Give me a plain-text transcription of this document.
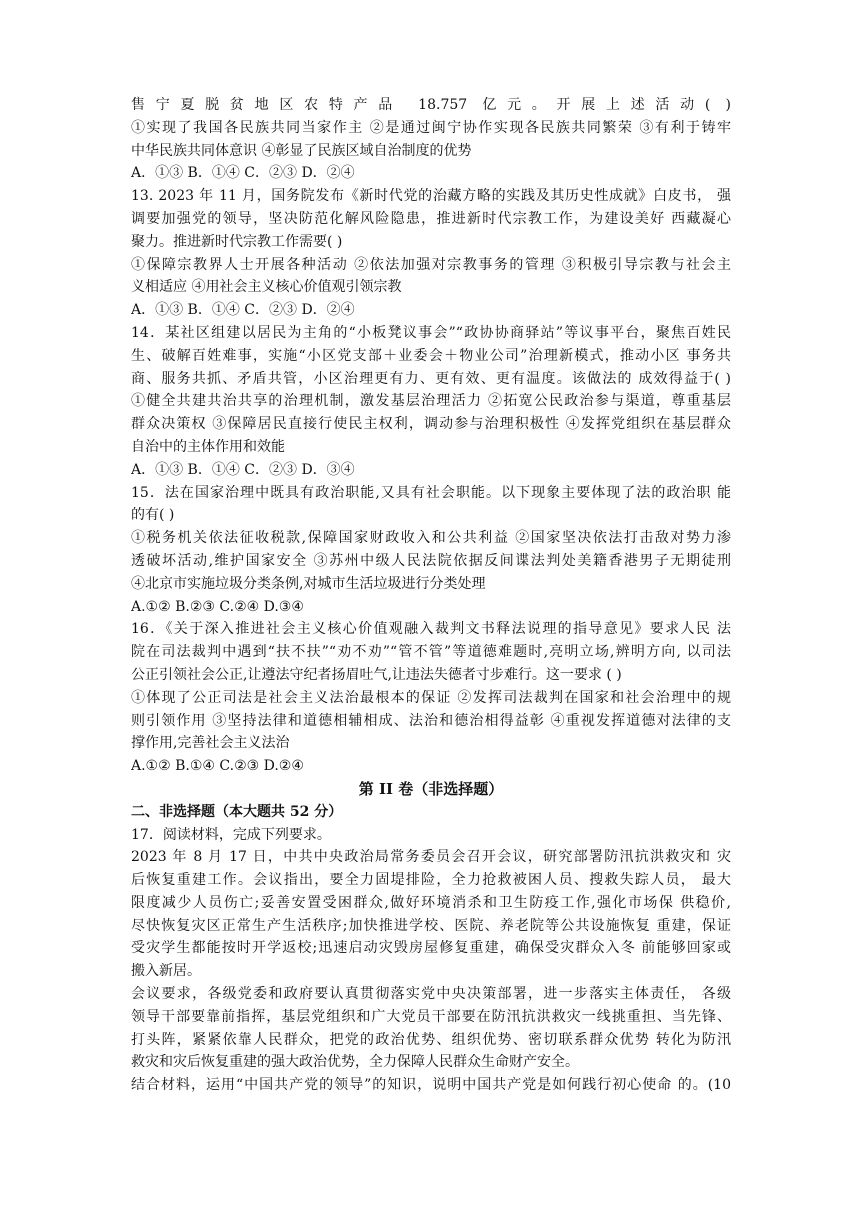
售宁夏脱贫地区农特产品 18.757 亿元。开展上述活动( )
①实现了我国各民族共同当家作主 ②是通过闽宁协作实现各民族共同繁荣 ③有利于铸牢
中华民族共同体意识 ④彰显了民族区域自治制度的优势
A．①③ B．①④ C．②③ D．②④
13. 2023 年 11 月，国务院发布《新时代党的治藏方略的实践及其历史性成就》白皮书， 强
调要加强党的领导，坚决防范化解风险隐患，推进新时代宗教工作，为建设美好 西藏凝心
聚力。推进新时代宗教工作需要( )
①保障宗教界人士开展各种活动 ②依法加强对宗教事务的管理 ③积极引导宗教与社会主
义相适应 ④用社会主义核心价值观引领宗教
A．①③ B．①④ C．②③ D．②④
14．某社区组建以居民为主角的“小板凳议事会”“政协协商驿站”等议事平台，聚焦百姓民
生、破解百姓难事，实施“小区党支部＋业委会＋物业公司”治理新模式，推动小区 事务共
商、服务共抓、矛盾共管，小区治理更有力、更有效、更有温度。该做法的 成效得益于( )
①健全共建共治共享的治理机制，激发基层治理活力 ②拓宽公民政治参与渠道，尊重基层
群众决策权 ③保障居民直接行使民主权利，调动参与治理积极性 ④发挥党组织在基层群众
自治中的主体作用和效能
A．①③ B．①④ C．②③ D．③④
15．法在国家治理中既具有政治职能,又具有社会职能。以下现象主要体现了法的政治职 能
的有( )
①税务机关依法征收税款,保障国家财政收入和公共利益 ②国家坚决依法打击敌对势力渗
透破坏活动,维护国家安全 ③苏州中级人民法院依据反间谍法判处美籍香港男子无期徒刑
④北京市实施垃圾分类条例,对城市生活垃圾进行分类处理
A.①② B.②③ C.②④ D.③④
16．《关于深入推进社会主义核心价值观融入裁判文书释法说理的指导意见》要求人民 法
院在司法裁判中遇到“扶不扶”“劝不劝”“管不管”等道德难题时,亮明立场,辨明方向, 以司法
公正引领社会公正,让遵法守纪者扬眉吐气,让违法失德者寸步难行。这一要求 ( )
①体现了公正司法是社会主义法治最根本的保证 ②发挥司法裁判在国家和社会治理中的规
则引领作用 ③坚持法律和道德相辅相成、法治和德治相得益彰 ④重视发挥道德对法律的支
撑作用,完善社会主义法治
A.①② B.①④ C.②③ D.②④
第 II 卷（非选择题）
二、非选择题（本大题共 52 分）
17．阅读材料，完成下列要求。
2023 年 8 月 17 日，中共中央政治局常务委员会召开会议，研究部署防汛抗洪救灾和 灾
后恢复重建工作。会议指出，要全力固堤排险，全力抢救被困人员、搜救失踪人员， 最大
限度减少人员伤亡;妥善安置受困群众,做好环境消杀和卫生防疫工作,强化市场保 供稳价,
尽快恢复灾区正常生产生活秩序;加快推进学校、医院、养老院等公共设施恢复 重建，保证
受灾学生都能按时开学返校;迅速启动灾毁房屋修复重建，确保受灾群众入冬 前能够回家或
搬入新居。
会议要求，各级党委和政府要认真贯彻落实党中央决策部署，进一步落实主体责任， 各级
领导干部要靠前指挥，基层党组织和广大党员干部要在防汛抗洪救灾一线挑重担、当先锋、
打头阵，紧紧依靠人民群众，把党的政治优势、组织优势、密切联系群众优势 转化为防汛
救灾和灾后恢复重建的强大政治优势，全力保障人民群众生命财产安全。
结合材料，运用“中国共产党的领导”的知识，说明中国共产党是如何践行初心使命 的。(10
